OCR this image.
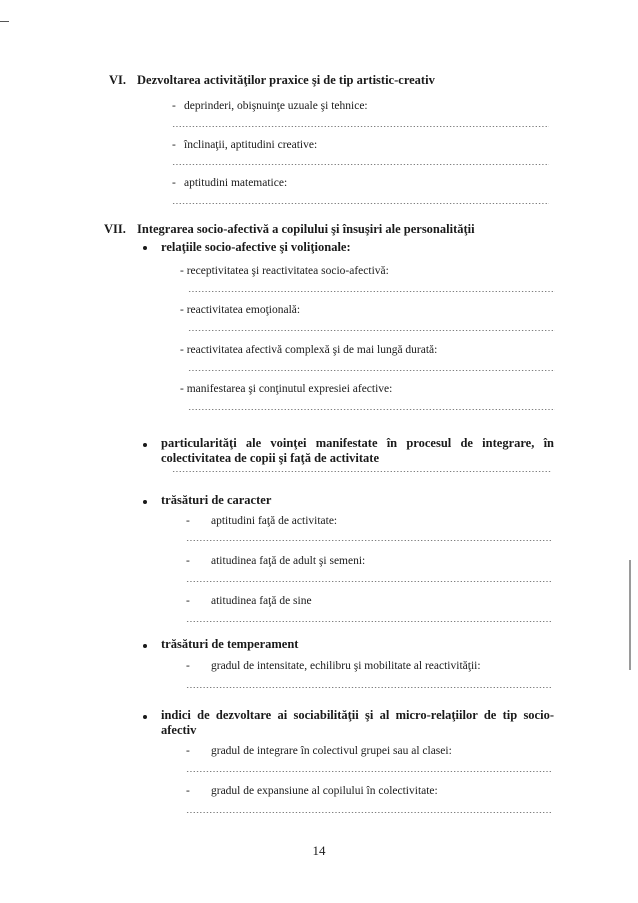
VI. Dezvoltarea activităţilor praxice şi de tip artistic-creativ
- deprinderi, obişnuinţe uzuale şi tehnice:
- înclinaţii, aptitudini creative:
- aptitudini matematice:
VII. Integrarea socio-afectivă a copilului şi însuşiri ale personalităţii
relaţiile socio-afective şi voliţionale:
- receptivitatea şi reactivitatea socio-afectivă:
- reactivitatea emoţională:
- reactivitatea afectivă complexă şi de mai lungă durată:
- manifestarea şi conţinutul expresiei afective:
particularităţi ale voinţei manifestate în procesul de integrare, în colectivitatea de copii şi faţă de activitate
trăsături de caracter
- aptitudini faţă de activitate:
- atitudinea faţă de adult şi semeni:
- atitudinea faţă de sine
trăsături de temperament
- gradul de intensitate, echilibru şi mobilitate al reactivităţii:
indici de dezvoltare ai sociabilităţii şi al micro-relaţiilor de tip socio-afectiv
- gradul de integrare în colectivul grupei sau al clasei:
- gradul de expansiune al copilului în colectivitate:
14
